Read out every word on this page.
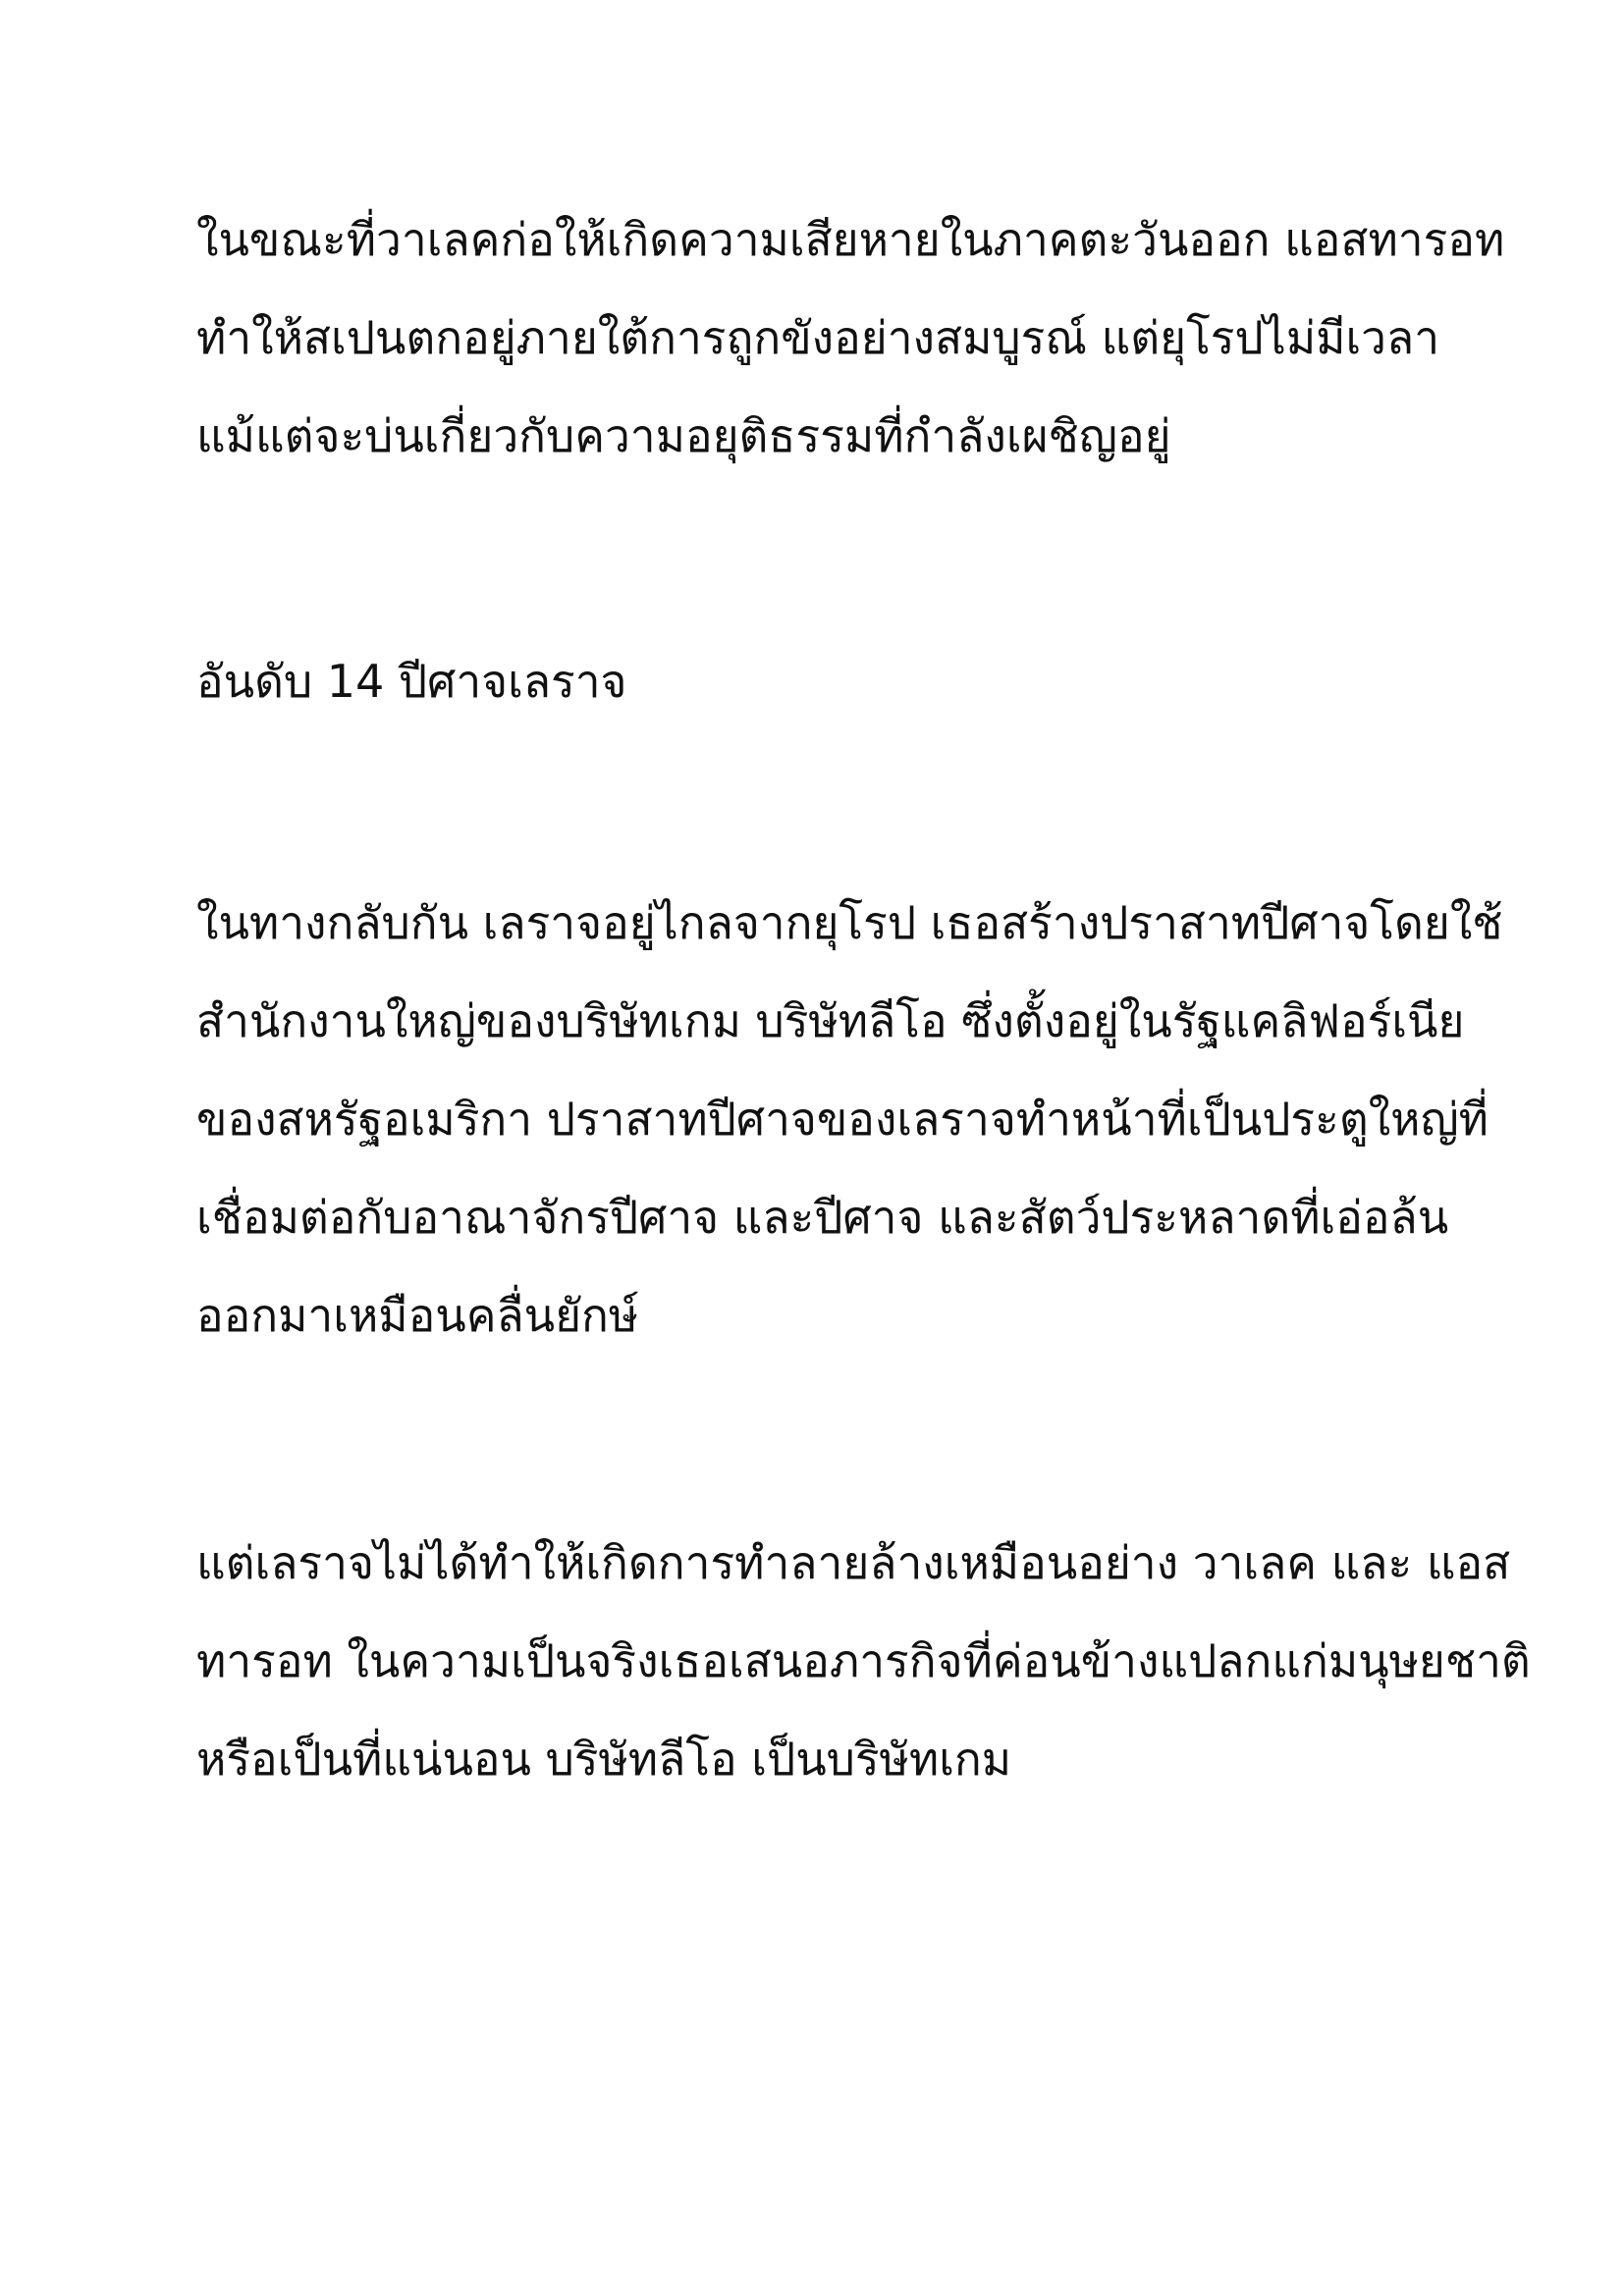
ในขณะที่วาเลคก่อให้เกิดความเสียหายในภาคตะวันออก แอสทารอท
ทำให้สเปนตกอยู่ภายใต้การถูกขังอย่างสมบูรณ์ แต่ยุโรปไม่มีเวลา
แม้แต่จะบ่นเกี่ยวกับความอยุติธรรมที่กำลังเผชิญอยู่

อันดับ 14 ปีศาจเลราจ

ในทางกลับกัน เลราจอยู่ไกลจากยุโรป เธอสร้างปราสาทปีศาจโดยใช้
สำนักงานใหญ่ของบริษัทเกม บริษัทลีโอ ซึ่งตั้งอยู่ในรัฐแคลิฟอร์เนีย
ของสหรัฐอเมริกา ปราสาทปีศาจของเลราจทำหน้าที่เป็นประตูใหญ่ที่
เชื่อมต่อกับอาณาจักรปีศาจ และปีศาจ และสัตว์ประหลาดที่เอ่อล้น
ออกมาเหมือนคลื่นยักษ์

แต่เลราจไม่ได้ทำให้เกิดการทำลายล้างเหมือนอย่าง วาเลค และ แอส
ทารอท ในความเป็นจริงเธอเสนอภารกิจที่ค่อนข้างแปลกแก่มนุษยชาติ
หรือเป็นที่แน่นอน บริษัทลีโอ เป็นบริษัทเกม
